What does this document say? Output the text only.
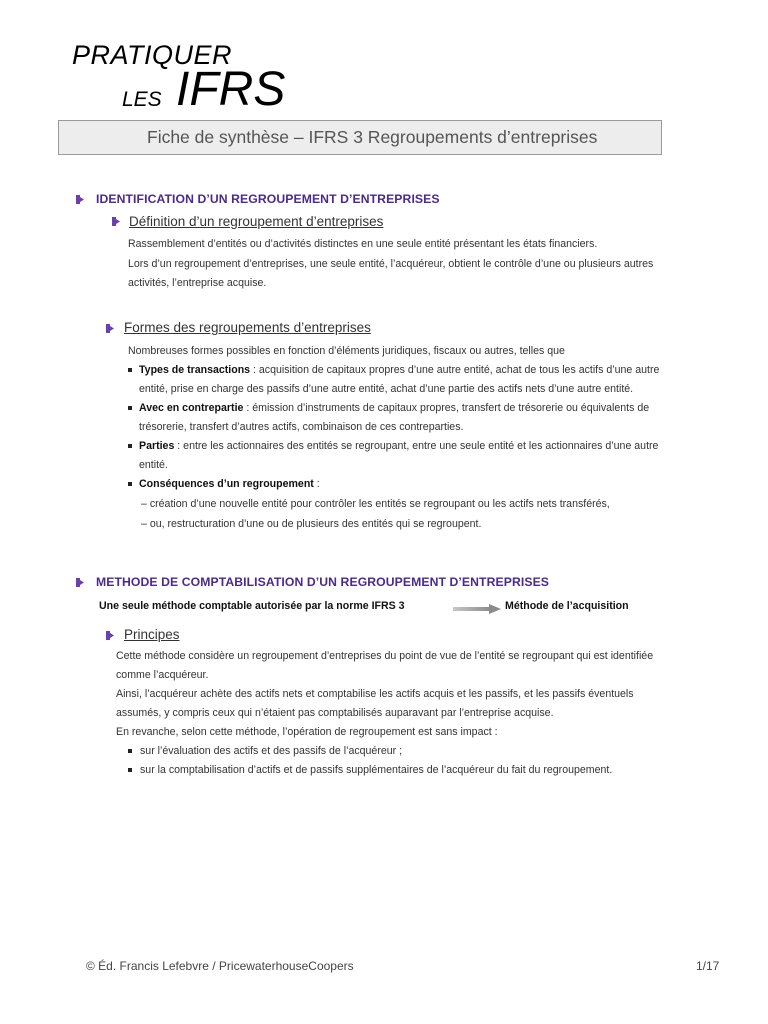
PRATIQUER
LES IFRS
Fiche de synthèse – IFRS 3 Regroupements d’entreprises
IDENTIFICATION D’UN REGROUPEMENT D’ENTREPRISES
Définition d’un regroupement d’entreprises
Rassemblement d’entités ou d’activités distinctes en une seule entité présentant les états financiers.
Lors d’un regroupement d’entreprises, une seule entité, l’acquéreur, obtient le contrôle d’une ou plusieurs autres
activités, l’entreprise acquise.
Formes des regroupements d’entreprises
Nombreuses formes possibles en fonction d’éléments juridiques, fiscaux ou autres, telles que
Types de transactions : acquisition de capitaux propres d’une autre entité, achat de tous les actifs d’une autre
entité, prise en charge des passifs d’une autre entité, achat d’une partie des actifs nets d’une autre entité.
Avec en contrepartie : émission d’instruments de capitaux propres, transfert de trésorerie ou équivalents de
trésorerie, transfert d’autres actifs, combinaison de ces contreparties.
Parties : entre les actionnaires des entités se regroupant, entre une seule entité et les actionnaires d’une autre
entité.
Conséquences d’un regroupement :
– création d’une nouvelle entité pour contrôler les entités se regroupant ou les actifs nets transférés,
– ou, restructuration d’une ou de plusieurs des entités qui se regroupent.
METHODE DE COMPTABILISATION D’UN REGROUPEMENT D’ENTREPRISES
Une seule méthode comptable autorisée par la norme IFRS 3	Méthode de l’acquisition
Principes
Cette méthode considère un regroupement d’entreprises du point de vue de l’entité se regroupant qui est identifiée
comme l’acquéreur.
Ainsi, l’acquéreur achète des actifs nets et comptabilise les actifs acquis et les passifs, et les passifs éventuels
assumés, y compris ceux qui n’étaient pas comptabilisés auparavant par l’entreprise acquise.
En revanche, selon cette méthode, l’opération de regroupement est sans impact :
sur l’évaluation des actifs et des passifs de l’acquéreur ;
sur la comptabilisation d’actifs et de passifs supplémentaires de l’acquéreur du fait du regroupement.
© Éd. Francis Lefebvre / PricewaterhouseCoopers	1/17
